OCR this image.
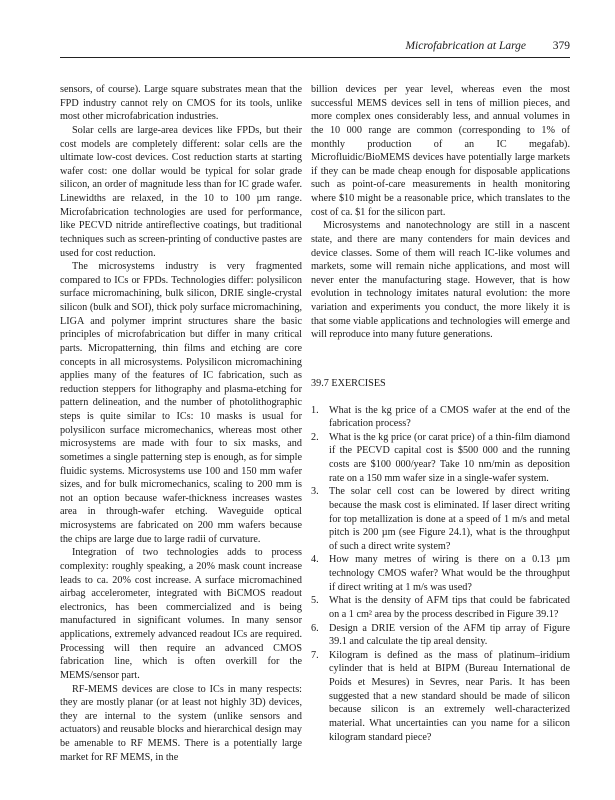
Microfabrication at Large 379

sensors, of course). Large square substrates mean that the FPD industry cannot rely on CMOS for its tools, unlike most other microfabrication industries.

Solar cells are large-area devices like FPDs, but their cost models are completely different: solar cells are the ultimate low-cost devices. Cost reduction starts at starting wafer cost: one dollar would be typical for solar grade silicon, an order of magnitude less than for IC grade wafer. Linewidths are relaxed, in the 10 to 100 µm range. Microfabrication technologies are used for performance, like PECVD nitride antireflective coatings, but traditional techniques such as screen-printing of conductive pastes are used for cost reduction.

The microsystems industry is very fragmented compared to ICs or FPDs. Technologies differ: polysilicon surface micromachining, bulk silicon, DRIE single-crystal silicon (bulk and SOI), thick poly surface micromachining, LIGA and polymer imprint structures share the basic principles of microfabrication but differ in many critical parts. Micropatterning, thin films and etching are core concepts in all microsystems. Polysilicon micromachining applies many of the features of IC fabrication, such as reduction steppers for lithography and plasma-etching for pattern delineation, and the number of photolithographic steps is quite similar to ICs: 10 masks is usual for polysilicon surface micromechanics, whereas most other microsystems are made with four to six masks, and sometimes a single patterning step is enough, as for simple fluidic systems. Microsystems use 100 and 150 mm wafer sizes, and for bulk micromechanics, scaling to 200 mm is not an option because wafer-thickness increases wastes area in through-wafer etching. Waveguide optical microsystems are fabricated on 200 mm wafers because the chips are large due to large radii of curvature.

Integration of two technologies adds to process complexity: roughly speaking, a 20% mask count increase leads to ca. 20% cost increase. A surface micromachined airbag accelerometer, integrated with BiCMOS readout electronics, has been commercialized and is being manufactured in significant volumes. In many sensor applications, extremely advanced readout ICs are required. Processing will then require an advanced CMOS fabrication line, which is often overkill for the MEMS/sensor part.

RF-MEMS devices are close to ICs in many respects: they are mostly planar (or at least not highly 3D) devices, they are internal to the system (unlike sensors and actuators) and reusable blocks and hierarchical design may be amenable to RF MEMS. There is a potentially large market for RF MEMS, in the

billion devices per year level, whereas even the most successful MEMS devices sell in tens of million pieces, and more complex ones considerably less, and annual volumes in the 10 000 range are common (corresponding to 1% of monthly production of an IC megafab). Microfluidic/BioMEMS devices have potentially large markets if they can be made cheap enough for disposable applications such as point-of-care measurements in health monitoring where $10 might be a reasonable price, which translates to the cost of ca. $1 for the silicon part.

Microsystems and nanotechnology are still in a nascent state, and there are many contenders for main devices and device classes. Some of them will reach IC-like volumes and markets, some will remain niche applications, and most will never enter the manufacturing stage. However, that is how evolution in technology imitates natural evolution: the more variation and experiments you conduct, the more likely it is that some viable applications and technologies will emerge and will reproduce into many future generations.

39.7 EXERCISES
1. What is the kg price of a CMOS wafer at the end of the fabrication process?
2. What is the kg price (or carat price) of a thin-film diamond if the PECVD capital cost is $500 000 and the running costs are $100 000/year? Take 10 nm/min as deposition rate on a 150 mm wafer size in a single-wafer system.
3. The solar cell cost can be lowered by direct writing because the mask cost is eliminated. If laser direct writing for top metallization is done at a speed of 1 m/s and metal pitch is 200 µm (see Figure 24.1), what is the throughput of such a direct write system?
4. How many metres of wiring is there on a 0.13 µm technology CMOS wafer? What would be the throughput if direct writing at 1 m/s was used?
5. What is the density of AFM tips that could be fabricated on a 1 cm² area by the process described in Figure 39.1?
6. Design a DRIE version of the AFM tip array of Figure 39.1 and calculate the tip areal density.
7. Kilogram is defined as the mass of platinum–iridium cylinder that is held at BIPM (Bureau International de Poids et Mesures) in Sevres, near Paris. It has been suggested that a new standard should be made of silicon because silicon is an extremely well-characterized material. What uncertainties can you name for a silicon kilogram standard piece?
